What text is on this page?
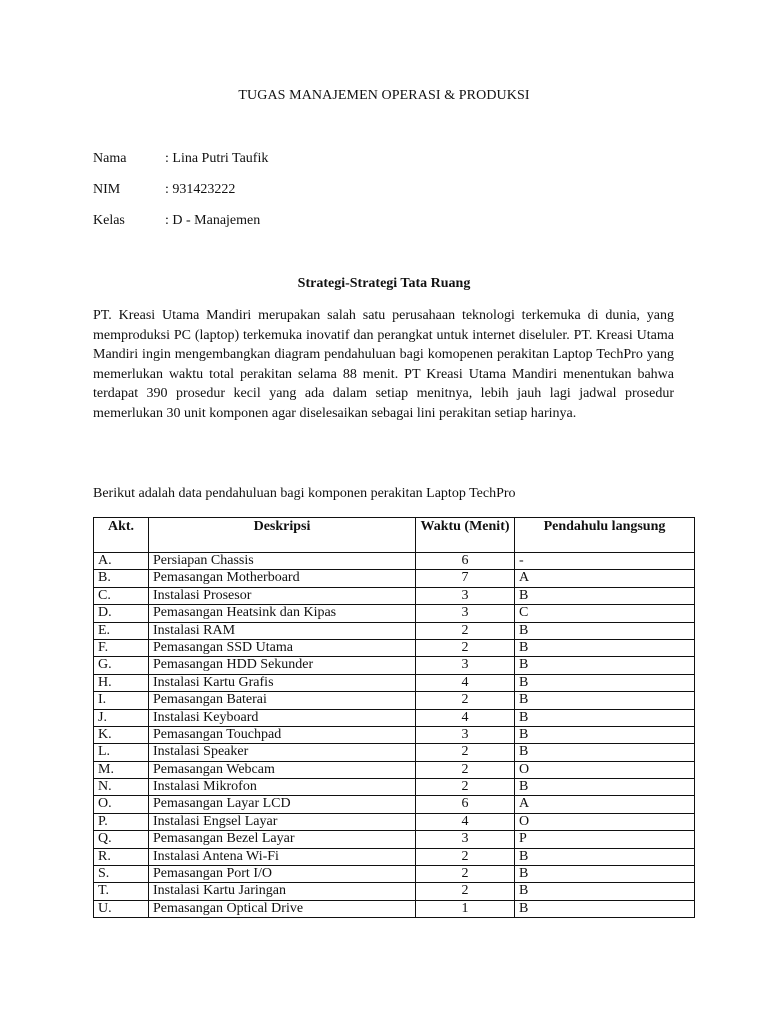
TUGAS MANAJEMEN OPERASI & PRODUKSI
Nama	: Lina Putri Taufik
NIM	: 931423222
Kelas	: D - Manajemen
Strategi-Strategi Tata Ruang

PT. Kreasi Utama Mandiri merupakan salah satu perusahaan teknologi terkemuka di dunia, yang memproduksi PC (laptop) terkemuka inovatif dan perangkat untuk internet diseluler. PT. Kreasi Utama Mandiri ingin mengembangkan diagram pendahuluan bagi komopenen perakitan Laptop TechPro yang memerlukan waktu total perakitan selama 88 menit. PT Kreasi Utama Mandiri menentukan bahwa terdapat 390 prosedur kecil yang ada dalam setiap menitnya, lebih jauh lagi jadwal prosedur memerlukan 30 unit komponen agar diselesaikan sebagai lini perakitan setiap harinya.

Berikut adalah data pendahuluan bagi komponen perakitan Laptop TechPro
Akt.	Deskripsi	Waktu (Menit)	Pendahulu langsung
A.	Persiapan Chassis	6	-
B.	Pemasangan Motherboard	7	A
C.	Instalasi Prosesor	3	B
D.	Pemasangan Heatsink dan Kipas	3	C
E.	Instalasi RAM	2	B
F.	Pemasangan SSD Utama	2	B
G.	Pemasangan HDD Sekunder	3	B
H.	Instalasi Kartu Grafis	4	B
I.	Pemasangan Baterai	2	B
J.	Instalasi Keyboard	4	B
K.	Pemasangan Touchpad	3	B
L.	Instalasi Speaker	2	B
M.	Pemasangan Webcam	2	O
N.	Instalasi Mikrofon	2	B
O.	Pemasangan Layar LCD	6	A
P.	Instalasi Engsel Layar	4	O
Q.	Pemasangan Bezel Layar	3	P
R.	Instalasi Antena Wi-Fi	2	B
S.	Pemasangan Port I/O	2	B
T.	Instalasi Kartu Jaringan	2	B
U.	Pemasangan Optical Drive	1	B
